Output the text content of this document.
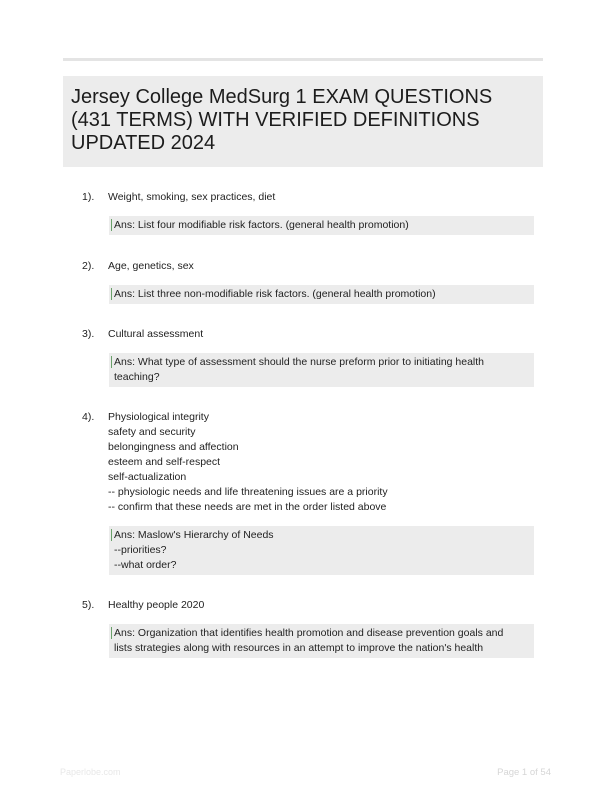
Jersey College MedSurg 1 EXAM QUESTIONS (431 TERMS) WITH VERIFIED DEFINITIONS UPDATED 2024
1). Weight, smoking, sex practices, diet
Ans: List four modifiable risk factors. (general health promotion)
2). Age, genetics, sex
Ans: List three non-modifiable risk factors. (general health promotion)
3). Cultural assessment
Ans: What type of assessment should the nurse preform prior to initiating health
teaching?
4). Physiological integrity
safety and security
belongingness and affection
esteem and self-respect
self-actualization
-- physiologic needs and life threatening issues are a priority
-- confirm that these needs are met in the order listed above
Ans: Maslow's Hierarchy of Needs
--priorities?
--what order?
5). Healthy people 2020
Ans: Organization that identifies health promotion and disease prevention goals and
lists strategies along with resources in an attempt to improve the nation's health
Paperlobe.com	Page 1 of 54
